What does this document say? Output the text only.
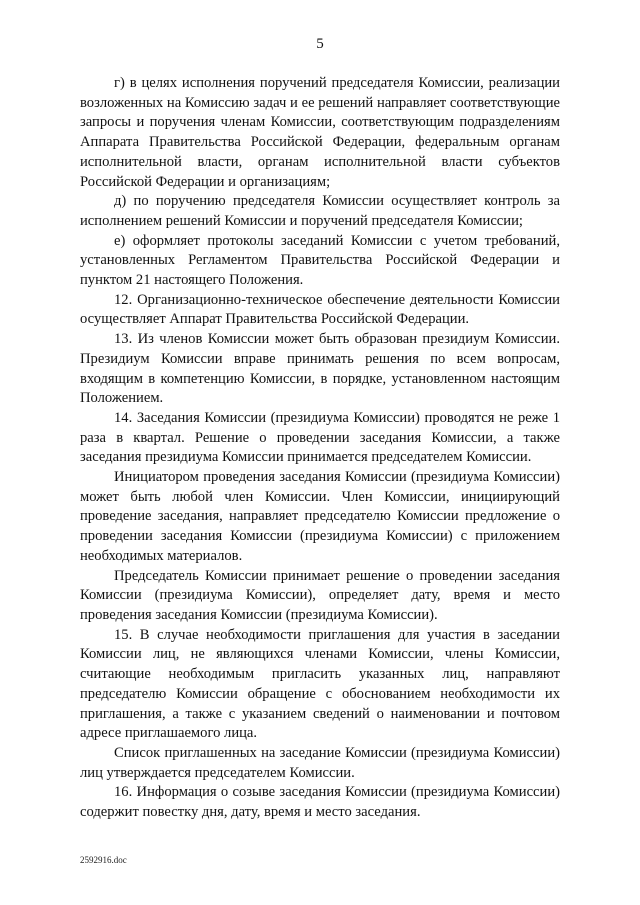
5

г) в целях исполнения поручений председателя Комиссии, реализации возложенных на Комиссию задач и ее решений направляет соответствующие запросы и поручения членам Комиссии, соответствующим подразделениям Аппарата Правительства Российской Федерации, федеральным органам исполнительной власти, органам исполнительной власти субъектов Российской Федерации и организациям;

д) по поручению председателя Комиссии осуществляет контроль за исполнением решений Комиссии и поручений председателя Комиссии;

е) оформляет протоколы заседаний Комиссии с учетом требований, установленных Регламентом Правительства Российской Федерации и пунктом 21 настоящего Положения.

12. Организационно-техническое обеспечение деятельности Комиссии осуществляет Аппарат Правительства Российской Федерации.

13. Из членов Комиссии может быть образован президиум Комиссии. Президиум Комиссии вправе принимать решения по всем вопросам, входящим в компетенцию Комиссии, в порядке, установленном настоящим Положением.

14. Заседания Комиссии (президиума Комиссии) проводятся не реже 1 раза в квартал. Решение о проведении заседания Комиссии, а также заседания президиума Комиссии принимается председателем Комиссии.

Инициатором проведения заседания Комиссии (президиума Комиссии) может быть любой член Комиссии. Член Комиссии, инициирующий проведение заседания, направляет председателю Комиссии предложение о проведении заседания Комиссии (президиума Комиссии) с приложением необходимых материалов.

Председатель Комиссии принимает решение о проведении заседания Комиссии (президиума Комиссии), определяет дату, время и место проведения заседания Комиссии (президиума Комиссии).

15. В случае необходимости приглашения для участия в заседании Комиссии лиц, не являющихся членами Комиссии, члены Комиссии, считающие необходимым пригласить указанных лиц, направляют председателю Комиссии обращение с обоснованием необходимости их приглашения, а также с указанием сведений о наименовании и почтовом адресе приглашаемого лица.

Список приглашенных на заседание Комиссии (президиума Комиссии) лиц утверждается председателем Комиссии.

16. Информация о созыве заседания Комиссии (президиума Комиссии) содержит повестку дня, дату, время и место заседания.

2592916.doc
